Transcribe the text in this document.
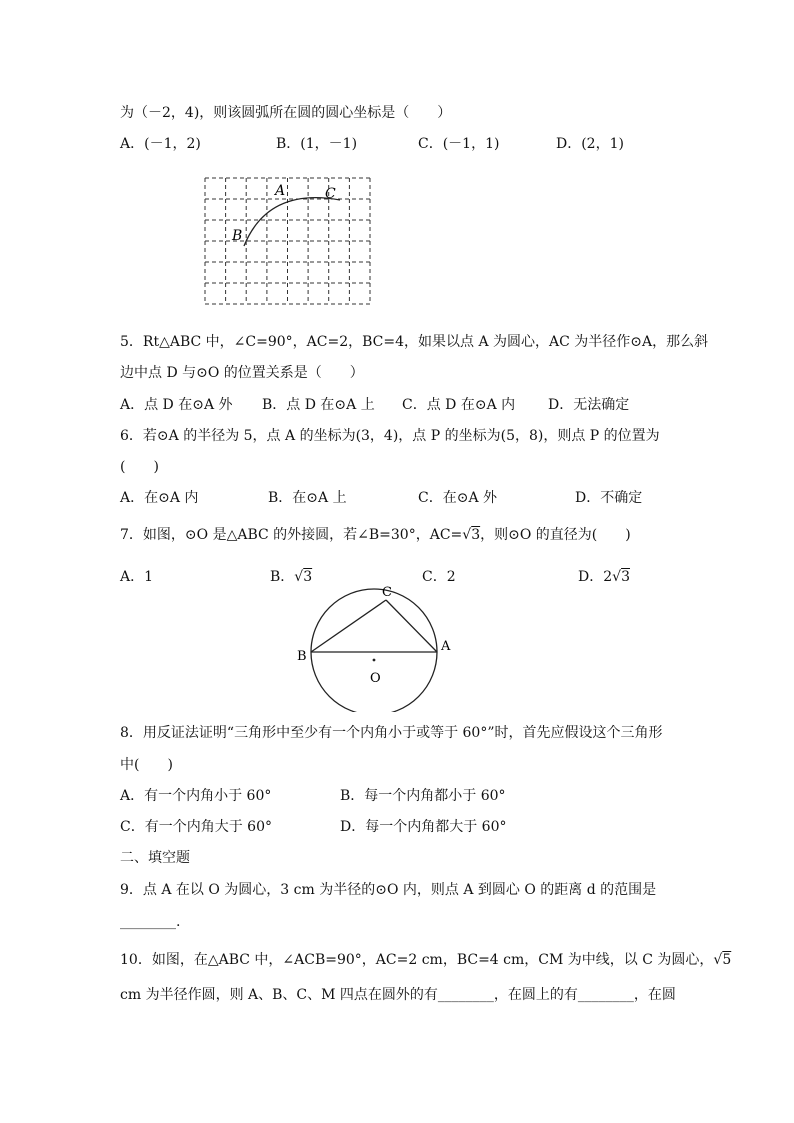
为（－2，4)，则该圆弧所在圆的圆心坐标是（　　）
A．(－1，2)	B．(1，－1)	C．(－1，1)	D．(2，1)
A	C
B
5．Rt△ABC 中，∠C=90°，AC=2，BC=4，如果以点 A 为圆心，AC 为半径作⊙A，那么斜
边中点 D 与⊙O 的位置关系是（　　）
A．点 D 在⊙A 外 B．点 D 在⊙A 上 C．点 D 在⊙A 内 D．无法确定
6．若⊙A 的半径为 5，点 A 的坐标为(3，4)，点 P 的坐标为(5，8)，则点 P 的位置为
(　　)
A．在⊙A 内	B．在⊙A 上	C．在⊙A 外	D．不确定
7．如图，⊙O 是△ABC 的外接圆，若∠B=30°，AC=√3，则⊙O 的直径为(　　)
A．1	B．√3	C．2	D．2√3
C
B
A
O
8．用反证法证明“三角形中至少有一个内角小于或等于 60°”时，首先应假设这个三角形
中(　　)
A．有一个内角小于 60°	B．每一个内角都小于 60°
C．有一个内角大于 60°	D．每一个内角都大于 60°
二、填空题
9．点 A 在以 O 为圆心，3 cm 为半径的⊙O 内，则点 A 到圆心 O 的距离 d 的范围是
________.
10．如图，在△ABC 中，∠ACB=90°，AC=2 cm，BC=4 cm，CM 为中线，以 C 为圆心，√5
cm 为半径作圆，则 A、B、C、M 四点在圆外的有________，在圆上的有________，在圆
